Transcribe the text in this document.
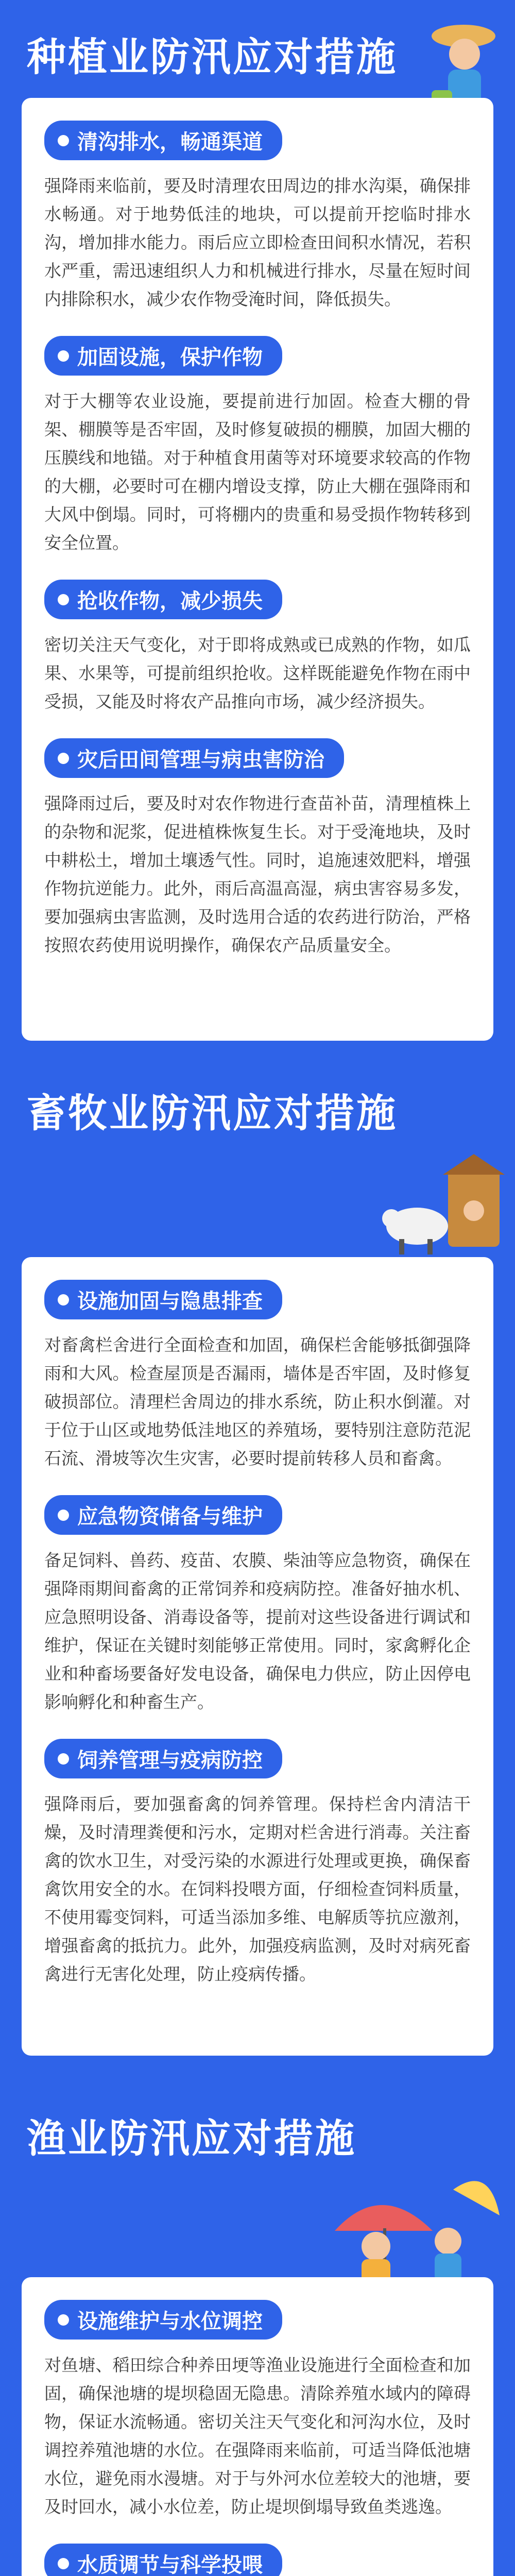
种植业防汛应对措施
清沟排水，畅通渠道
强降雨来临前，要及时清理农田周边的排水沟渠，确保排水畅通。对于地势低洼的地块，可以提前开挖临时排水沟，增加排水能力。雨后应立即检查田间积水情况，若积水严重，需迅速组织人力和机械进行排水，尽量在短时间内排除积水，减少农作物受淹时间，降低损失。
加固设施，保护作物
对于大棚等农业设施，要提前进行加固。检查大棚的骨架、棚膜等是否牢固，及时修复破损的棚膜，加固大棚的压膜线和地锚。对于种植食用菌等对环境要求较高的作物的大棚，必要时可在棚内增设支撑，防止大棚在强降雨和大风中倒塌。同时，可将棚内的贵重和易受损作物转移到安全位置。
抢收作物，减少损失
密切关注天气变化，对于即将成熟或已成熟的作物，如瓜果、水果等，可提前组织抢收。这样既能避免作物在雨中受损，又能及时将农产品推向市场，减少经济损失。
灾后田间管理与病虫害防治
强降雨过后，要及时对农作物进行查苗补苗，清理植株上的杂物和泥浆，促进植株恢复生长。对于受淹地块，及时中耕松土，增加土壤透气性。同时，追施速效肥料，增强作物抗逆能力。此外，雨后高温高湿，病虫害容易多发，要加强病虫害监测，及时选用合适的农药进行防治，严格按照农药使用说明操作，确保农产品质量安全。
畜牧业防汛应对措施
设施加固与隐患排查
对畜禽栏舍进行全面检查和加固，确保栏舍能够抵御强降雨和大风。检查屋顶是否漏雨，墙体是否牢固，及时修复破损部位。清理栏舍周边的排水系统，防止积水倒灌。对于位于山区或地势低洼地区的养殖场，要特别注意防范泥石流、滑坡等次生灾害，必要时提前转移人员和畜禽。
应急物资储备与维护
备足饲料、兽药、疫苗、农膜、柴油等应急物资，确保在强降雨期间畜禽的正常饲养和疫病防控。准备好抽水机、应急照明设备、消毒设备等，提前对这些设备进行调试和维护，保证在关键时刻能够正常使用。同时，家禽孵化企业和种畜场要备好发电设备，确保电力供应，防止因停电影响孵化和种畜生产。
饲养管理与疫病防控
强降雨后，要加强畜禽的饲养管理。保持栏舍内清洁干燥，及时清理粪便和污水，定期对栏舍进行消毒。关注畜禽的饮水卫生，对受污染的水源进行处理或更换，确保畜禽饮用安全的水。在饲料投喂方面，仔细检查饲料质量，不使用霉变饲料，可适当添加多维、电解质等抗应激剂，增强畜禽的抵抗力。此外，加强疫病监测，及时对病死畜禽进行无害化处理，防止疫病传播。
渔业防汛应对措施
设施维护与水位调控
对鱼塘、稻田综合种养田埂等渔业设施进行全面检查和加固，确保池塘的堤坝稳固无隐患。清除养殖水域内的障碍物，保证水流畅通。密切关注天气变化和河沟水位，及时调控养殖池塘的水位。在强降雨来临前，可适当降低池塘水位，避免雨水漫塘。对于与外河水位差较大的池塘，要及时回水，减小水位差，防止堤坝倒塌导致鱼类逃逸。
水质调节与科学投喂
